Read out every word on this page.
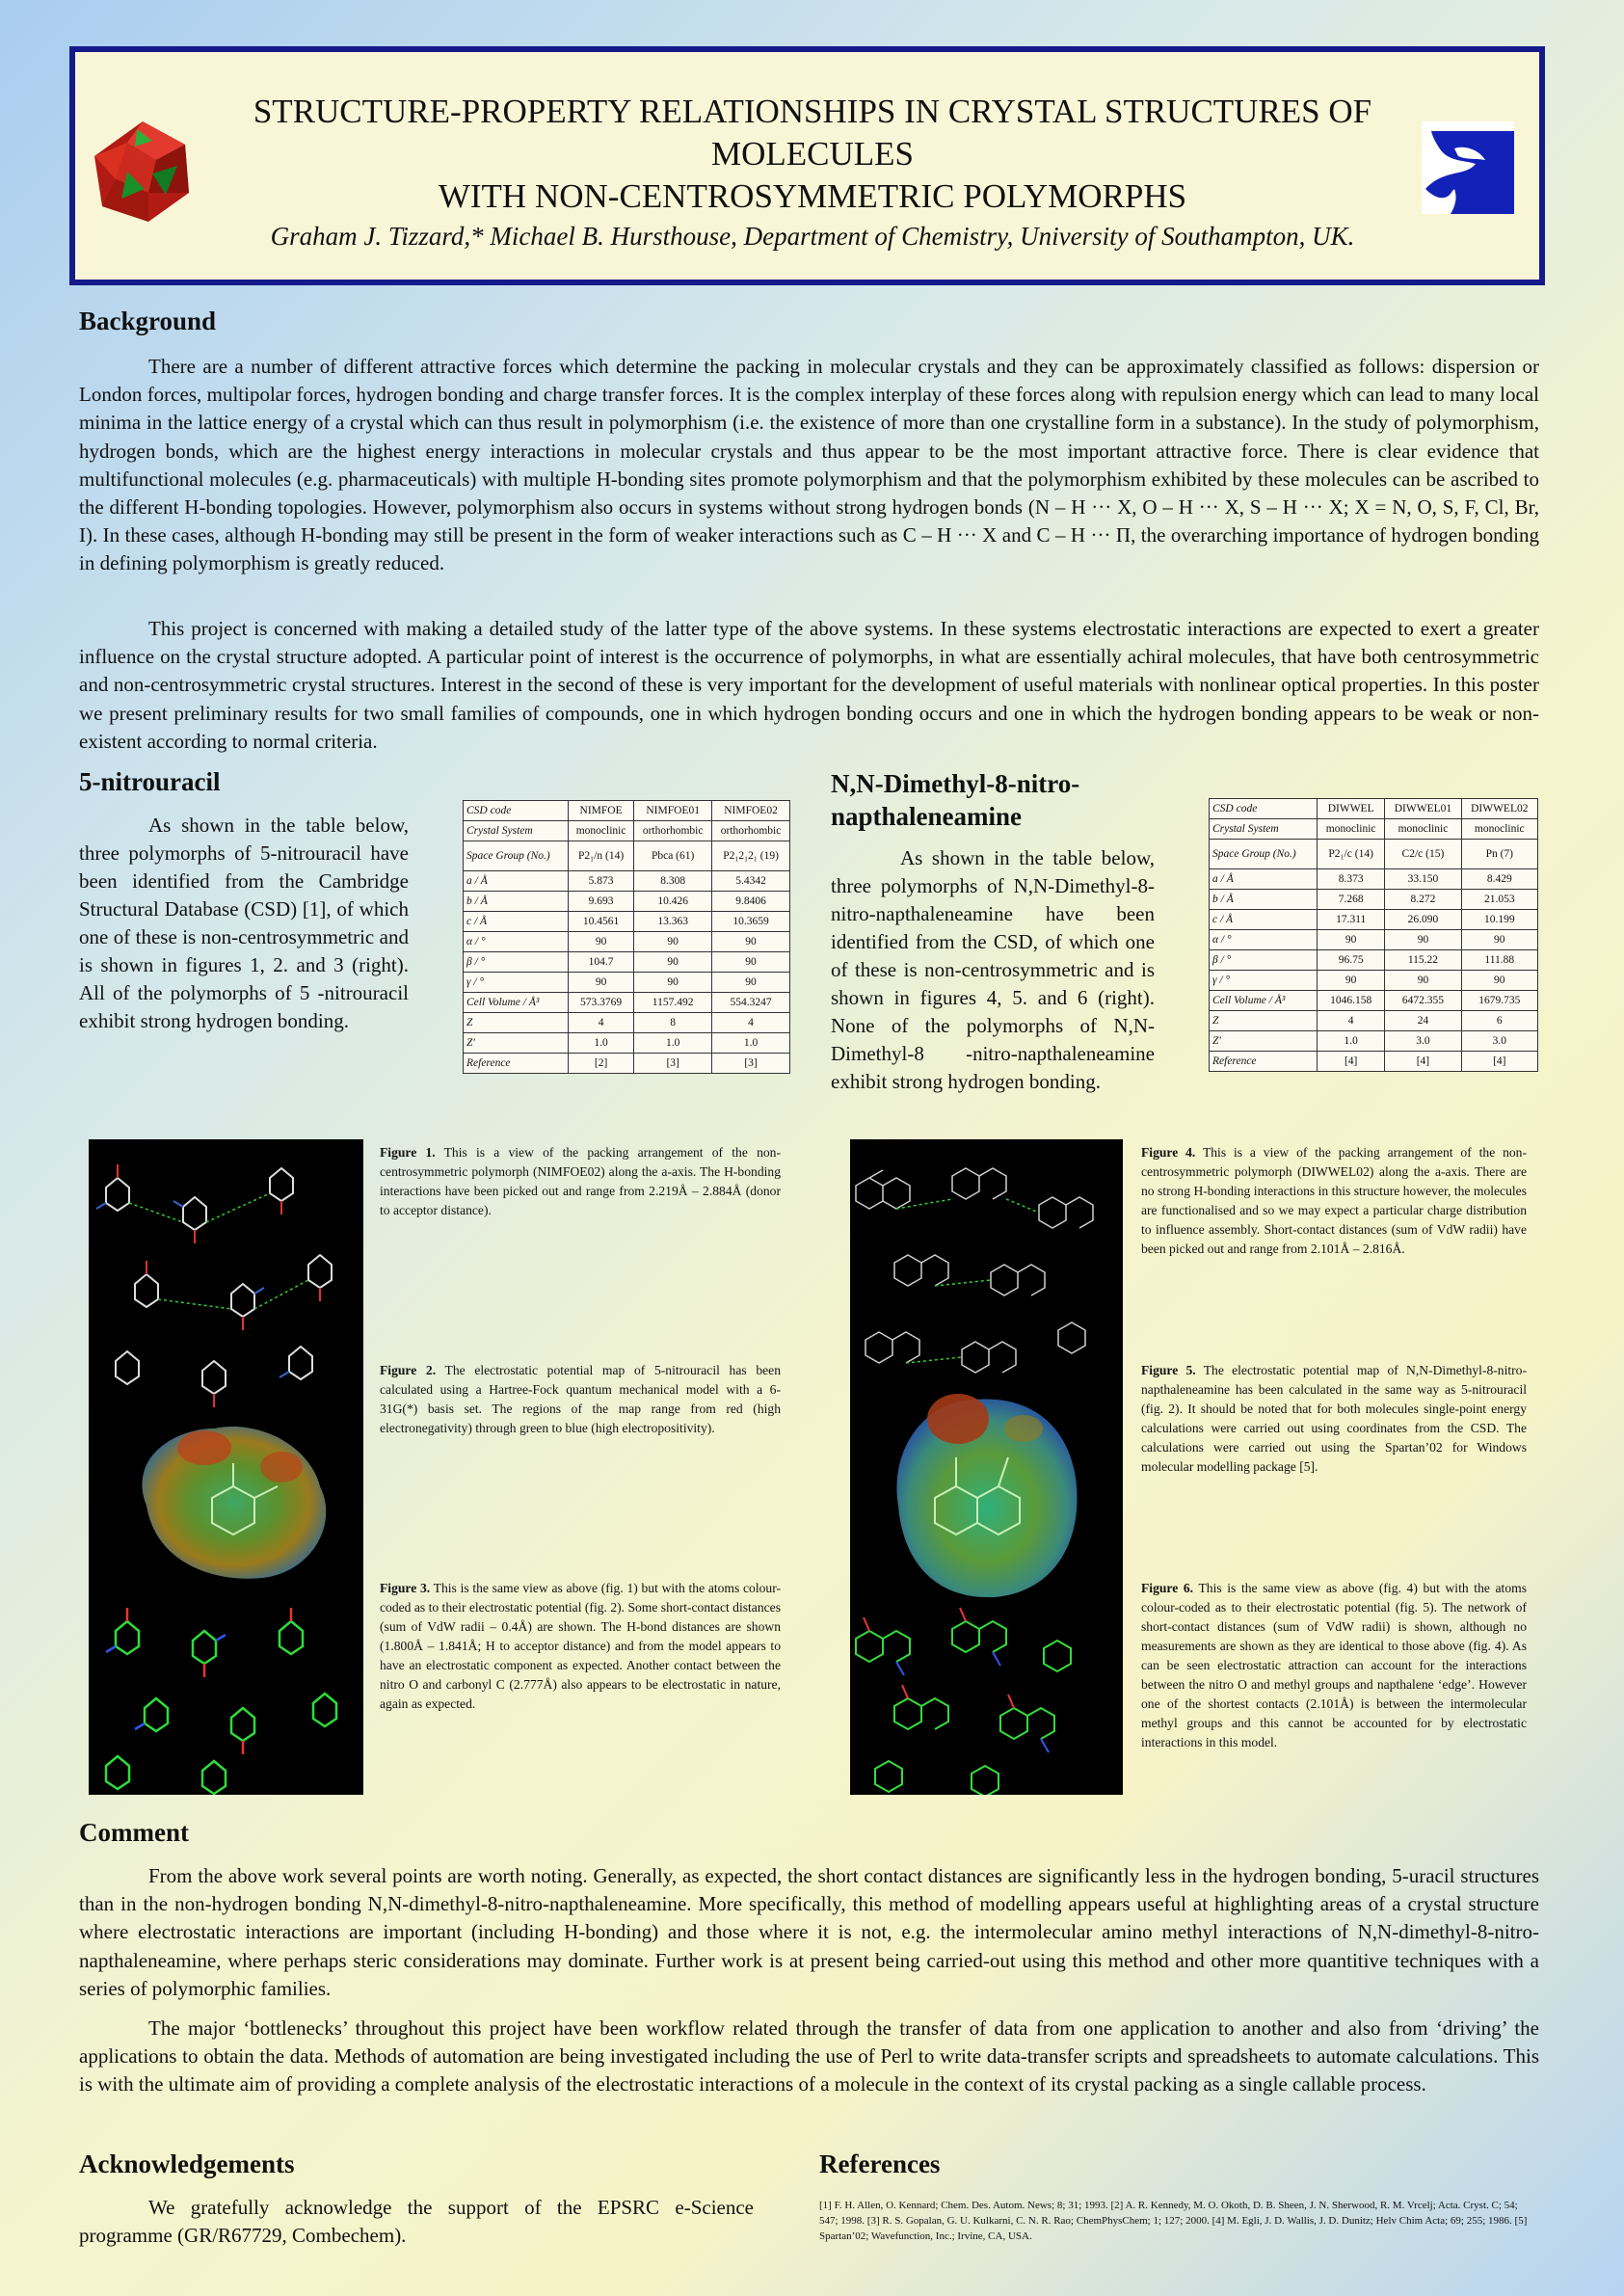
STRUCTURE-PROPERTY RELATIONSHIPS IN CRYSTAL STRUCTURES OF
MOLECULES
WITH NON-CENTROSYMMETRIC POLYMORPHS
Graham J. Tizzard,* Michael B. Hursthouse, Department of Chemistry, University of Southampton, UK.
Background

There are a number of different attractive forces which determine the packing in molecular crystals and they can be approximately classified as follows: dispersion or London forces, multipolar forces, hydrogen bonding and charge transfer forces. It is the complex interplay of these forces along with repulsion energy which can lead to many local minima in the lattice energy of a crystal which can thus result in polymorphism (i.e. the existence of more than one crystalline form in a substance). In the study of polymorphism, hydrogen bonds, which are the highest energy interactions in molecular crystals and thus appear to be the most important attractive force. There is clear evidence that multifunctional molecules (e.g. pharmaceuticals) with multiple H-bonding sites promote polymorphism and that the polymorphism exhibited by these molecules can be ascribed to the different H-bonding topologies. However, polymorphism also occurs in systems without strong hydrogen bonds (N – H ··· X, O – H ··· X, S – H ··· X; X = N, O, S, F, Cl, Br, I). In these cases, although H-bonding may still be present in the form of weaker interactions such as C – H ··· X and C – H ··· Π, the overarching importance of hydrogen bonding in defining polymorphism is greatly reduced.

This project is concerned with making a detailed study of the latter type of the above systems. In these systems electrostatic interactions are expected to exert a greater influence on the crystal structure adopted. A particular point of interest is the occurrence of polymorphs, in what are essentially achiral molecules, that have both centrosymmetric and non-centrosymmetric crystal structures. Interest in the second of these is very important for the development of useful materials with nonlinear optical properties. In this poster we present preliminary results for two small families of compounds, one in which hydrogen bonding occurs and one in which the hydrogen bonding appears to be weak or non-existent according to normal criteria.

5-nitrouracil

As shown in the table below, three polymorphs of 5-nitrouracil have been identified from the Cambridge Structural Database (CSD) [1], of which one of these is non-centrosymmetric and is shown in figures 1, 2. and 3 (right). All of the polymorphs of 5 -nitrouracil exhibit strong hydrogen bonding.

CSD code	NIMFOE	NIMFOE01	NIMFOE02
Crystal System	monoclinic	orthorhombic	orthorhombic
Space Group (No.)	P2₁/n (14)	Pbca (61)	P2₁2₁2₁ (19)
a / Å	5.873	8.308	5.4342
b / Å	9.693	10.426	9.8406
c / Å	10.4561	13.363	10.3659
α / °	90	90	90
β / °	104.7	90	90
γ / °	90	90	90
Cell Volume / Å³	573.3769	1157.492	554.3247
Z	4	8	4
Z′	1.0	1.0	1.0
Reference	[2]	[3]	[3]
N,N-Dimethyl-8-nitro-
napthaleneamine

As shown in the table below, three polymorphs of N,N-Dimethyl-8-nitro-napthaleneamine have been identified from the CSD, of which one of these is non-centrosymmetric and is shown in figures 4, 5. and 6 (right). None of the polymorphs of N,N-Dimethyl-8 -nitro-napthaleneamine exhibit strong hydrogen bonding.

CSD code	DIWWEL	DIWWEL01	DIWWEL02
Crystal System	monoclinic	monoclinic	monoclinic
Space Group (No.)	P2₁/c (14)	C2/c (15)	Pn (7)
a / Å	8.373	33.150	8.429
b / Å	7.268	8.272	21.053
c / Å	17.311	26.090	10.199
α / °	90	90	90
β / °	96.75	115.22	111.88
γ / °	90	90	90
Cell Volume / Å³	1046.158	6472.355	1679.735
Z	4	24	6
Z′	1.0	3.0	3.0
Reference	[4]	[4]	[4]

Figure 1. This is a view of the packing arrangement of the non-centrosymmetric polymorph (NIMFOE02) along the a-axis. The H-bonding interactions have been picked out and range from 2.219Å – 2.884Å (donor to acceptor distance).

Figure 2. The electrostatic potential map of 5-nitrouracil has been calculated using a Hartree-Fock quantum mechanical model with a 6-31G(*) basis set. The regions of the map range from red (high electronegativity) through green to blue (high electropositivity).

Figure 3. This is the same view as above (fig. 1) but with the atoms colour-coded as to their electrostatic potential (fig. 2). Some short-contact distances (sum of VdW radii – 0.4Å) are shown. The H-bond distances are shown (1.800Å – 1.841Å; H to acceptor distance) and from the model appears to have an electrostatic component as expected. Another contact between the nitro O and carbonyl C (2.777Å) also appears to be electrostatic in nature, again as expected.

Figure 4. This is a view of the packing arrangement of the non-centrosymmetric polymorph (DIWWEL02) along the a-axis. There are no strong H-bonding interactions in this structure however, the molecules are functionalised and so we may expect a particular charge distribution to influence assembly. Short-contact distances (sum of VdW radii) have been picked out and range from 2.101Å – 2.816Å.

Figure 5. The electrostatic potential map of N,N-Dimethyl-8-nitro-napthaleneamine has been calculated in the same way as 5-nitrouracil (fig. 2). It should be noted that for both molecules single-point energy calculations were carried out using coordinates from the CSD. The calculations were carried out using the Spartan’02 for Windows molecular modelling package [5].

Figure 6. This is the same view as above (fig. 4) but with the atoms colour-coded as to their electrostatic potential (fig. 5). The network of short-contact distances (sum of VdW radii) is shown, although no measurements are shown as they are identical to those above (fig. 4). As can be seen electrostatic attraction can account for the interactions between the nitro O and methyl groups and napthalene ‘edge’. However one of the shortest contacts (2.101Å) is between the intermolecular methyl groups and this cannot be accounted for by electrostatic interactions in this model.

Comment

From the above work several points are worth noting. Generally, as expected, the short contact distances are significantly less in the hydrogen bonding, 5-uracil structures than in the non-hydrogen bonding N,N-dimethyl-8-nitro-napthaleneamine. More specifically, this method of modelling appears useful at highlighting areas of a crystal structure where electrostatic interactions are important (including H-bonding) and those where it is not, e.g. the intermolecular amino methyl interactions of N,N-dimethyl-8-nitro-napthaleneamine, where perhaps steric considerations may dominate. Further work is at present being carried-out using this method and other more quantitive techniques with a series of polymorphic families.

The major ‘bottlenecks’ throughout this project have been workflow related through the transfer of data from one application to another and also from ‘driving’ the applications to obtain the data. Methods of automation are being investigated including the use of Perl to write data-transfer scripts and spreadsheets to automate calculations. This is with the ultimate aim of providing a complete analysis of the electrostatic interactions of a molecule in the context of its crystal packing as a single callable process.

Acknowledgements

We gratefully acknowledge the support of the EPSRC e-Science programme (GR/R67729, Combechem).

References

[1] F. H. Allen, O. Kennard; Chem. Des. Autom. News; 8; 31; 1993. [2] A. R. Kennedy, M. O. Okoth, D. B. Sheen, J. N. Sherwood, R. M. Vrcelj; Acta. Cryst. C; 54; 547; 1998. [3] R. S. Gopalan, G. U. Kulkarni, C. N. R. Rao; ChemPhysChem; 1; 127; 2000. [4] M. Egli, J. D. Wallis, J. D. Dunitz; Helv Chim Acta; 69; 255; 1986. [5] Spartan’02; Wavefunction, Inc.; Irvine, CA, USA.
